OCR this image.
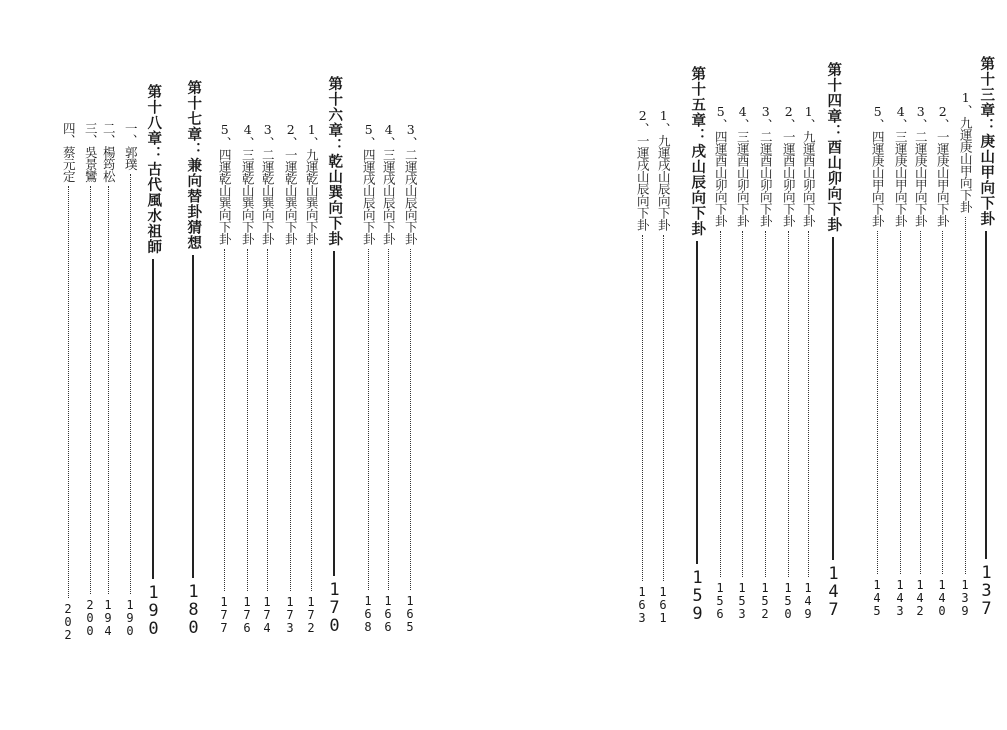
3、二運戌山辰向下卦
165
4、三運戌山辰向下卦
166
5、四運戌山辰向下卦
168
第十六章：乾山巽向下卦
170
1、九運乾山巽向下卦
172
2、一運乾山巽向下卦
173
3、二運乾山巽向下卦
174
4、三運乾山巽向下卦
176
5、四運乾山巽向下卦
177
第十七章：兼向替卦猜想
180
第十八章：古代風水祖師
190
一、郭璞
190
二、楊筠松
194
三、吳景鸞
200
四、蔡元定
202
第十三章：庚山甲向下卦
137
1、九運庚山甲向下卦
139
2、一運庚山甲向下卦
140
3、二運庚山甲向下卦
142
4、三運庚山甲向下卦
143
5、四運庚山甲向下卦
145
第十四章：酉山卯向下卦
147
1、九運酉山卯向下卦
149
2、一運酉山卯向下卦
150
3、二運酉山卯向下卦
152
4、三運酉山卯向下卦
153
5、四運酉山卯向下卦
156
第十五章：戌山辰向下卦
159
1、九運戌山辰向下卦
161
2、一運戌山辰向下卦
163
